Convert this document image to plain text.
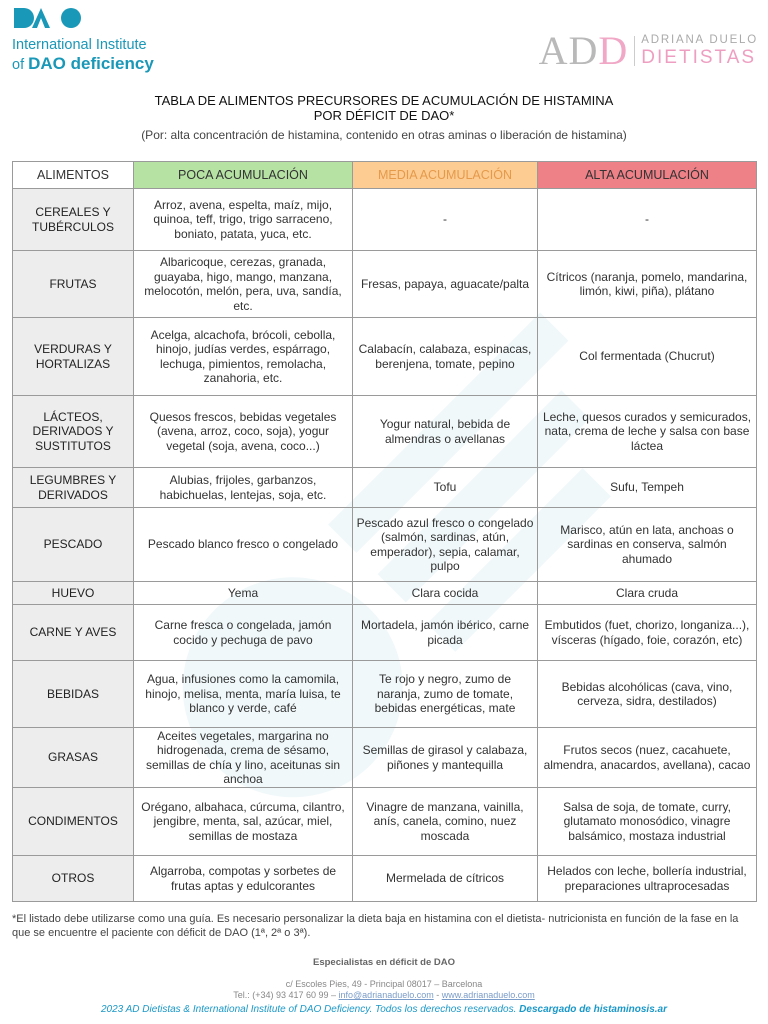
International Institute
of DAO deficiency	ADD ADRIANA DUELO
DIETISTAS
TABLA DE ALIMENTOS PRECURSORES DE ACUMULACIÓN DE HISTAMINA
POR DÉFICIT DE DAO*
(Por: alta concentración de histamina, contenido en otras aminas o liberación de histamina)
ALIMENTOS	POCA ACUMULACIÓN	MEDIA ACUMULACIÓN	ALTA ACUMULACIÓN
CEREALES Y TUBÉRCULOS	Arroz, avena, espelta, maíz, mijo, quinoa, teff, trigo, trigo sarraceno, boniato, patata, yuca, etc.	-	-
FRUTAS	Albaricoque, cerezas, granada, guayaba, higo, mango, manzana, melocotón, melón, pera, uva, sandía, etc.	Fresas, papaya, aguacate/palta	Cítricos (naranja, pomelo, mandarina, limón, kiwi, piña), plátano
VERDURAS Y HORTALIZAS	Acelga, alcachofa, brócoli, cebolla, hinojo, judías verdes, espárrago, lechuga, pimientos, remolacha, zanahoria, etc.	Calabacín, calabaza, espinacas, berenjena, tomate, pepino	Col fermentada (Chucrut)
LÁCTEOS, DERIVADOS Y SUSTITUTOS	Quesos frescos, bebidas vegetales (avena, arroz, coco, soja), yogur vegetal (soja, avena, coco...)	Yogur natural, bebida de almendras o avellanas	Leche, quesos curados y semicurados, nata, crema de leche y salsa con base láctea
LEGUMBRES Y DERIVADOS	Alubias, frijoles, garbanzos, habichuelas, lentejas, soja, etc.	Tofu	Sufu, Tempeh
PESCADO	Pescado blanco fresco o congelado	Pescado azul fresco o congelado (salmón, sardinas, atún, emperador), sepia, calamar, pulpo	Marisco, atún en lata, anchoas o sardinas en conserva, salmón ahumado
HUEVO	Yema	Clara cocida	Clara cruda
CARNE Y AVES	Carne fresca o congelada, jamón cocido y pechuga de pavo	Mortadela, jamón ibérico, carne picada	Embutidos (fuet, chorizo, longaniza...), vísceras (hígado, foie, corazón, etc)
BEBIDAS	Agua, infusiones como la camomila, hinojo, melisa, menta, maría luisa, te blanco y verde, café	Te rojo y negro, zumo de naranja, zumo de tomate, bebidas energéticas, mate	Bebidas alcohólicas (cava, vino, cerveza, sidra, destilados)
GRASAS	Aceites vegetales, margarina no hidrogenada, crema de sésamo, semillas de chía y lino, aceitunas sin anchoa	Semillas de girasol y calabaza, piñones y mantequilla	Frutos secos (nuez, cacahuete, almendra, anacardos, avellana), cacao
CONDIMENTOS	Orégano, albahaca, cúrcuma, cilantro, jengibre, menta, sal, azúcar, miel, semillas de mostaza	Vinagre de manzana, vainilla, anís, canela, comino, nuez moscada	Salsa de soja, de tomate, curry, glutamato monosódico, vinagre balsámico, mostaza industrial
OTROS	Algarroba, compotas y sorbetes de frutas aptas y edulcorantes	Mermelada de cítricos	Helados con leche, bollería industrial, preparaciones ultraprocesadas
*El listado debe utilizarse como una guía. Es necesario personalizar la dieta baja en histamina con el dietista- nutricionista en función de la fase en la que se encuentre el paciente con déficit de DAO (1ª, 2ª o 3ª).
Especialistas en déficit de DAO
c/ Escoles Pies, 49 - Principal 08017 – Barcelona
Tel.: (+34) 93 417 60 99 – info@adrianaduelo.com - www.adrianaduelo.com
2023 AD Dietistas & International Institute of DAO Deficiency. Todos los derechos reservados. Descargado de histaminosis.ar
